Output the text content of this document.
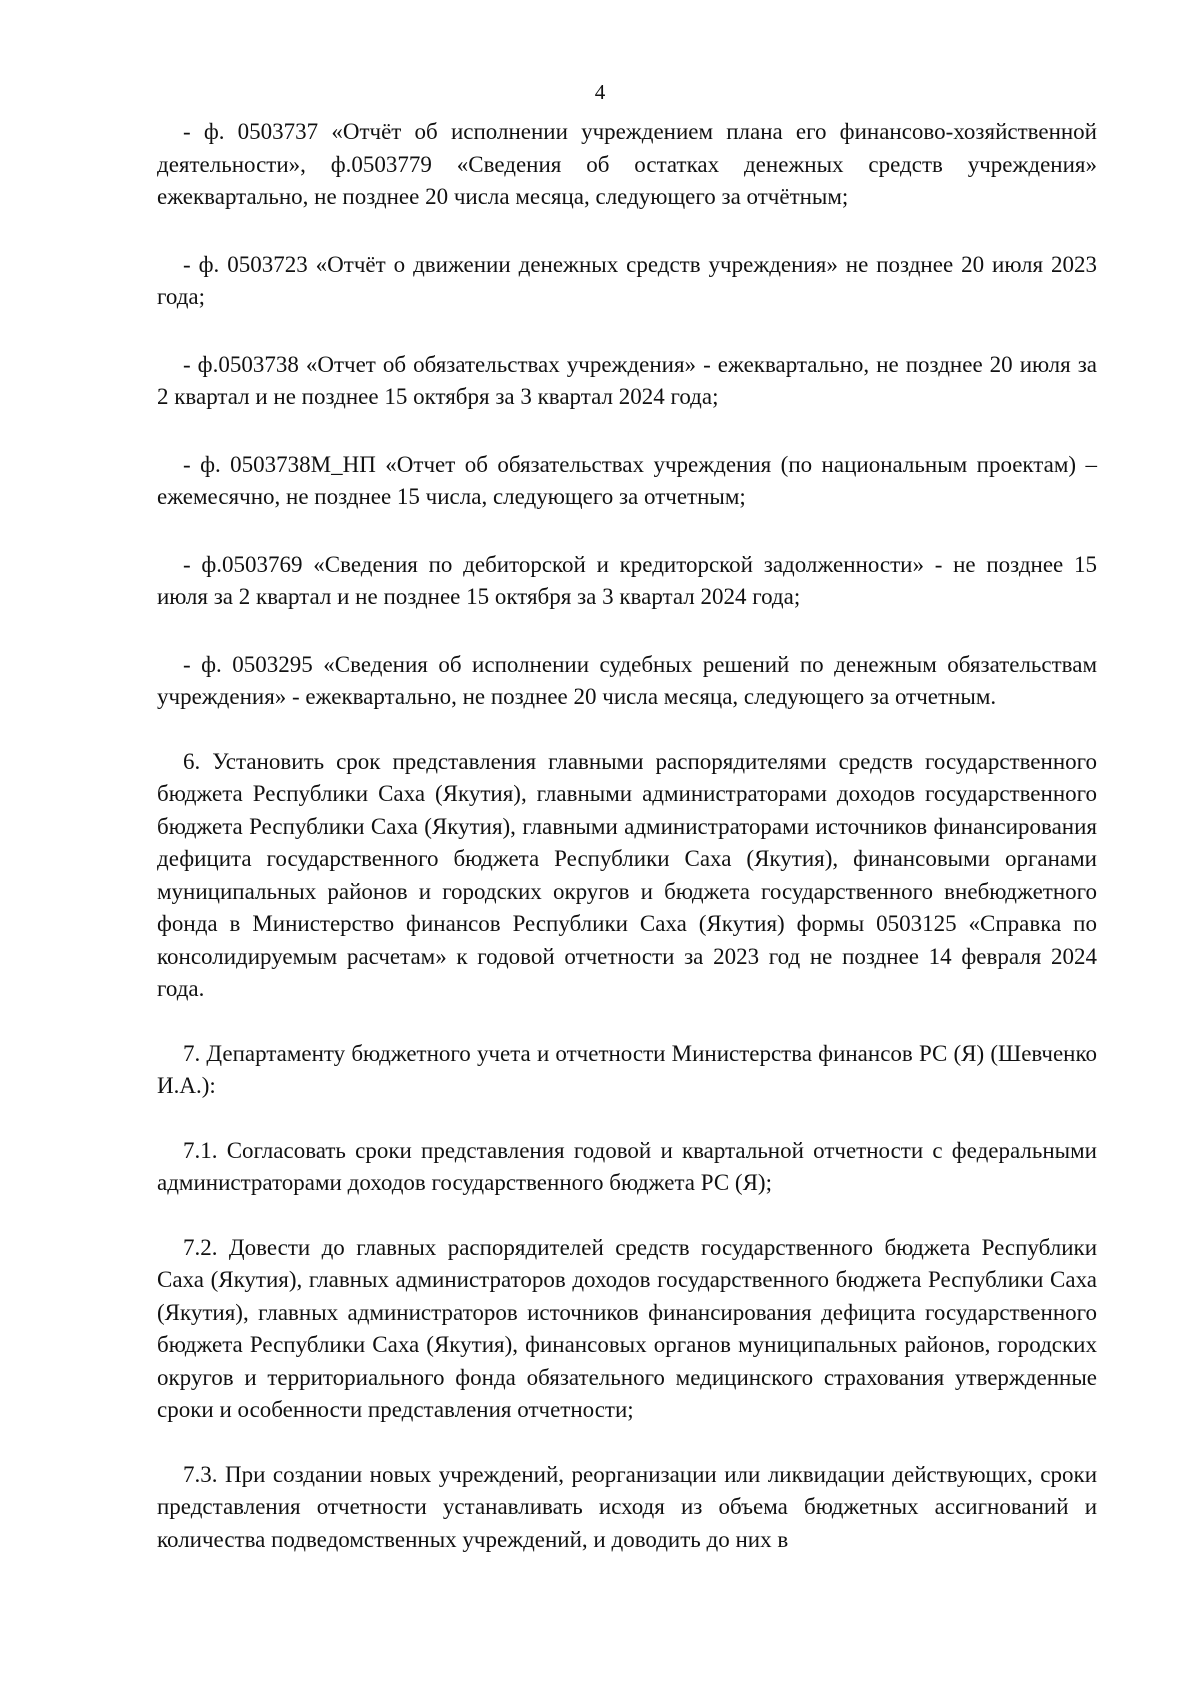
4

- ф. 0503737 «Отчёт об исполнении учреждением плана его финансово-хозяйственной деятельности», ф.0503779 «Сведения об остатках денежных средств учреждения» ежеквартально, не позднее 20 числа месяца, следующего за отчётным;

- ф. 0503723 «Отчёт о движении денежных средств учреждения» не позднее 20 июля 2023 года;

- ф.0503738 «Отчет об обязательствах учреждения» - ежеквартально, не позднее 20 июля за 2 квартал и не позднее 15 октября за 3 квартал 2024 года;

- ф. 0503738М_НП «Отчет об обязательствах учреждения (по национальным проектам) – ежемесячно, не позднее 15 числа, следующего за отчетным;

- ф.0503769 «Сведения по дебиторской и кредиторской задолженности» - не позднее 15 июля за 2 квартал и не позднее 15 октября за 3 квартал 2024 года;

- ф. 0503295 «Сведения об исполнении судебных решений по денежным обязательствам учреждения» - ежеквартально, не позднее 20 числа месяца, следующего за отчетным.

6. Установить срок представления главными распорядителями средств государственного бюджета Республики Саха (Якутия), главными администраторами доходов государственного бюджета Республики Саха (Якутия), главными администраторами источников финансирования дефицита государственного бюджета Республики Саха (Якутия), финансовыми органами муниципальных районов и городских округов и бюджета государственного внебюджетного фонда в Министерство финансов Республики Саха (Якутия) формы 0503125 «Справка по консолидируемым расчетам» к годовой отчетности за 2023 год не позднее 14 февраля 2024 года.

7. Департаменту бюджетного учета и отчетности Министерства финансов РС (Я) (Шевченко И.А.):

7.1. Согласовать сроки представления годовой и квартальной отчетности с федеральными администраторами доходов государственного бюджета РС (Я);

7.2. Довести до главных распорядителей средств государственного бюджета Республики Саха (Якутия), главных администраторов доходов государственного бюджета Республики Саха (Якутия), главных администраторов источников финансирования дефицита государственного бюджета Республики Саха (Якутия), финансовых органов муниципальных районов, городских округов и территориального фонда обязательного медицинского страхования утвержденные сроки и особенности представления отчетности;

7.3. При создании новых учреждений, реорганизации или ликвидации действующих, сроки представления отчетности устанавливать исходя из объема бюджетных ассигнований и количества подведомственных учреждений, и доводить до них в
